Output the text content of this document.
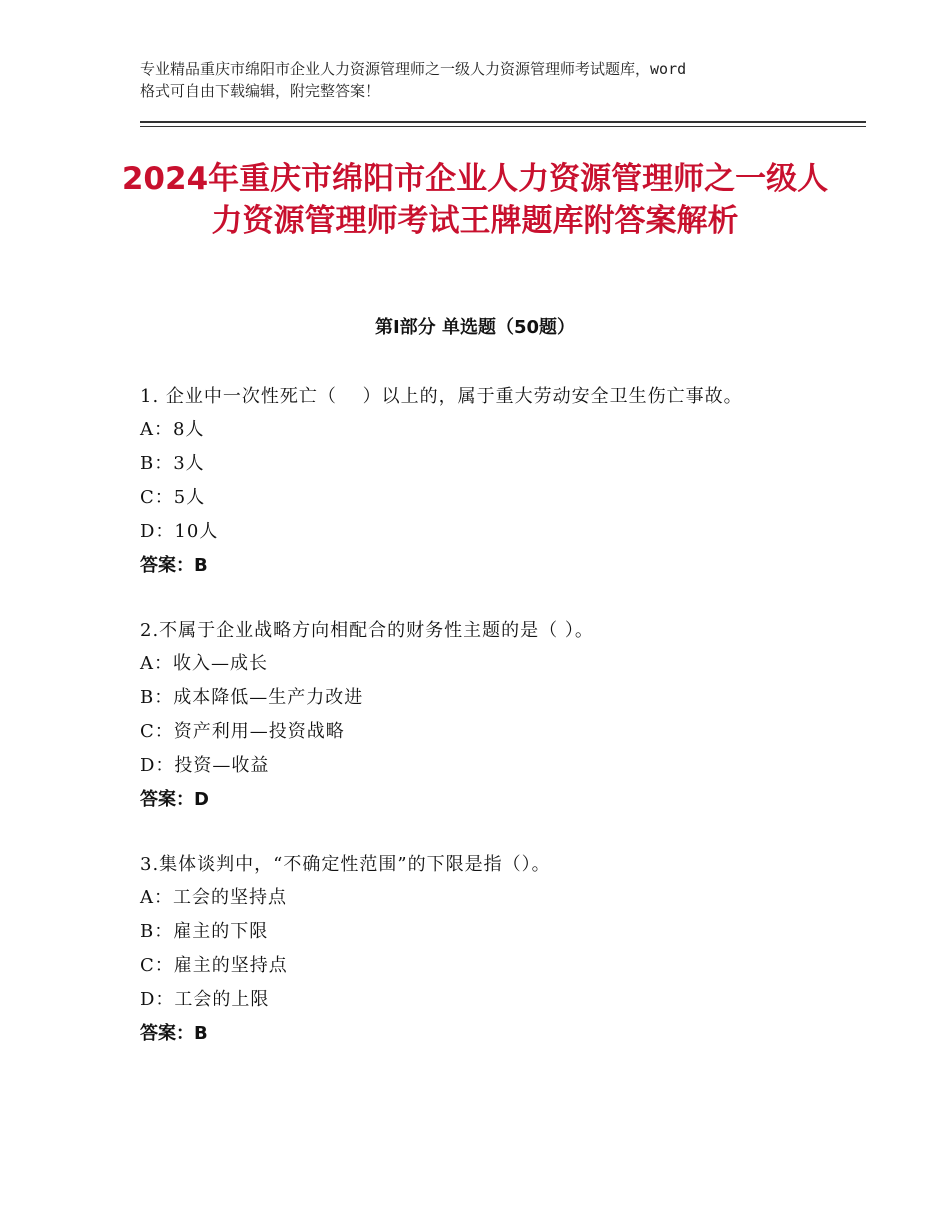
专业精品重庆市绵阳市企业人力资源管理师之一级人力资源管理师考试题库，word
格式可自由下载编辑，附完整答案！
2024年重庆市绵阳市企业人力资源管理师之一级人力资源管理师考试王牌题库附答案解析
第Ⅰ部分 单选题（50题）
1. 企业中一次性死亡（　 ）以上的，属于重大劳动安全卫生伤亡事故。
A：8人
B：3人
C：5人
D：10人
答案：B
2.不属于企业战略方向相配合的财务性主题的是（ ）。
A：收入—成长
B：成本降低—生产力改进
C：资产利用—投资战略
D：投资—收益
答案：D
3.集体谈判中，“不确定性范围”的下限是指（）。
A：工会的坚持点
B：雇主的下限
C：雇主的坚持点
D：工会的上限
答案：B
